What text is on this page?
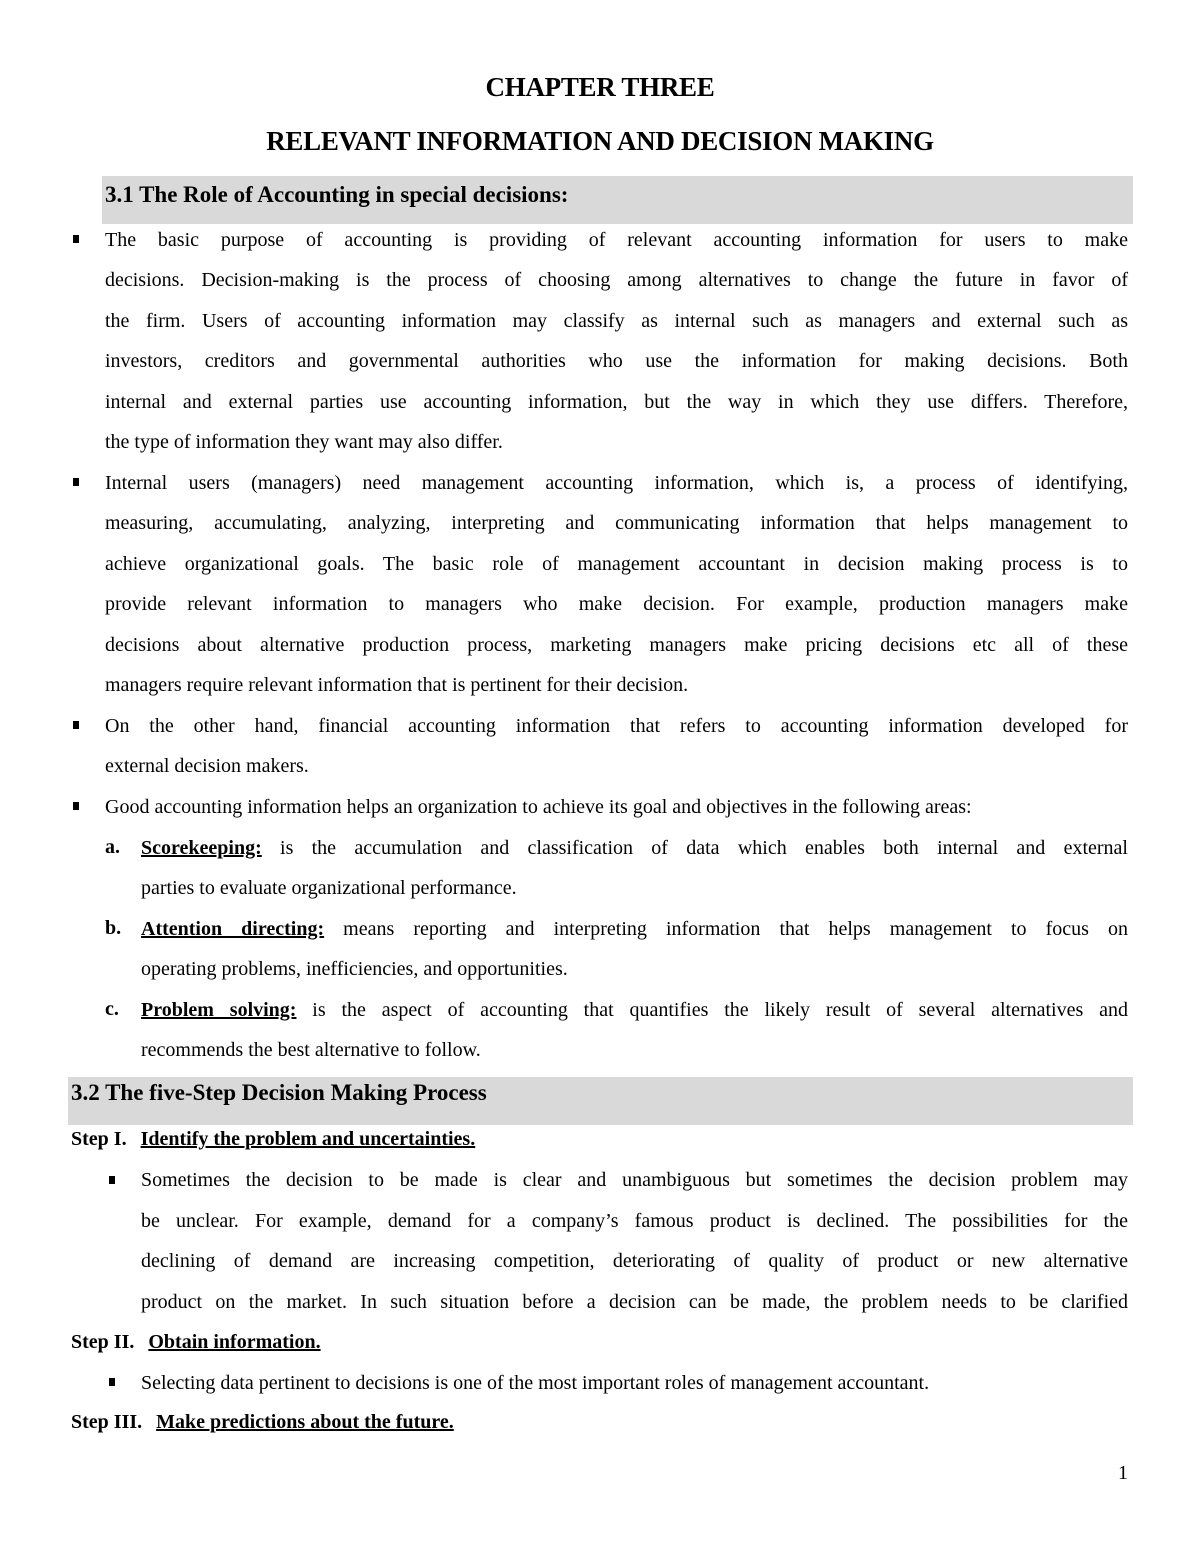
CHAPTER THREE
RELEVANT INFORMATION AND DECISION MAKING
3.1 The Role of Accounting in special decisions:
The basic purpose of accounting is providing of relevant accounting information for users to make
decisions. Decision-making is the process of choosing among alternatives to change the future in favor of
the firm. Users of accounting information may classify as internal such as managers and external such as
investors, creditors and governmental authorities who use the information for making decisions. Both
internal and external parties use accounting information, but the way in which they use differs. Therefore,
the type of information they want may also differ.
Internal users (managers) need management accounting information, which is, a process of identifying,
measuring, accumulating, analyzing, interpreting and communicating information that helps management to
achieve organizational goals. The basic role of management accountant in decision making process is to
provide relevant information to managers who make decision. For example, production managers make
decisions about alternative production process, marketing managers make pricing decisions etc all of these
managers require relevant information that is pertinent for their decision.
On the other hand, financial accounting information that refers to accounting information developed for
external decision makers.
Good accounting information helps an organization to achieve its goal and objectives in the following areas:
a. Scorekeeping: is the accumulation and classification of data which enables both internal and external
parties to evaluate organizational performance.
b. Attention directing: means reporting and interpreting information that helps management to focus on
operating problems, inefficiencies, and opportunities.
c. Problem solving: is the aspect of accounting that quantifies the likely result of several alternatives and
recommends the best alternative to follow.
3.2 The five-Step Decision Making Process
Step I. Identify the problem and uncertainties.
Sometimes the decision to be made is clear and unambiguous but sometimes the decision problem may
be unclear. For example, demand for a company’s famous product is declined. The possibilities for the
declining of demand are increasing competition, deteriorating of quality of product or new alternative
product on the market. In such situation before a decision can be made, the problem needs to be clarified
Step II. Obtain information.
Selecting data pertinent to decisions is one of the most important roles of management accountant.
Step III. Make predictions about the future.
1
